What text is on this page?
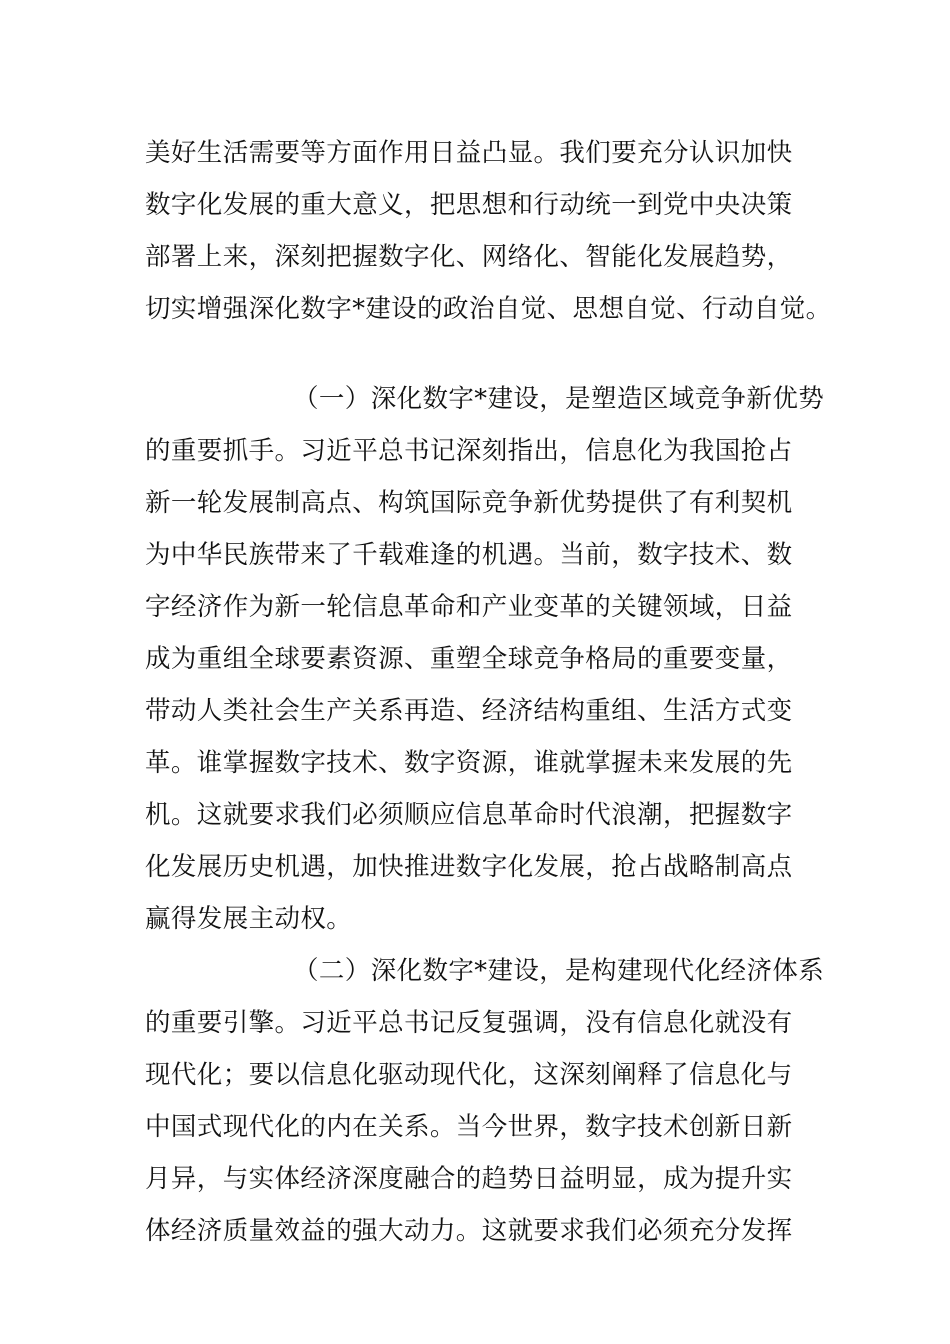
美好生活需要等方面作用日益凸显。我们要充分认识加快
数字化发展的重大意义，把思想和行动统一到党中央决策
部署上来，深刻把握数字化、网络化、智能化发展趋势，
切实增强深化数字*建设的政治自觉、思想自觉、行动自觉。
（一）深化数字*建设，是塑造区域竞争新优势
的重要抓手。习近平总书记深刻指出，信息化为我国抢占
新一轮发展制高点、构筑国际竞争新优势提供了有利契机
为中华民族带来了千载难逢的机遇。当前，数字技术、数
字经济作为新一轮信息革命和产业变革的关键领域，日益
成为重组全球要素资源、重塑全球竞争格局的重要变量，
带动人类社会生产关系再造、经济结构重组、生活方式变
革。谁掌握数字技术、数字资源，谁就掌握未来发展的先
机。这就要求我们必须顺应信息革命时代浪潮，把握数字
化发展历史机遇，加快推进数字化发展，抢占战略制高点
赢得发展主动权。
（二）深化数字*建设，是构建现代化经济体系
的重要引擎。习近平总书记反复强调，没有信息化就没有
现代化；要以信息化驱动现代化，这深刻阐释了信息化与
中国式现代化的内在关系。当今世界，数字技术创新日新
月异，与实体经济深度融合的趋势日益明显，成为提升实
体经济质量效益的强大动力。这就要求我们必须充分发挥
